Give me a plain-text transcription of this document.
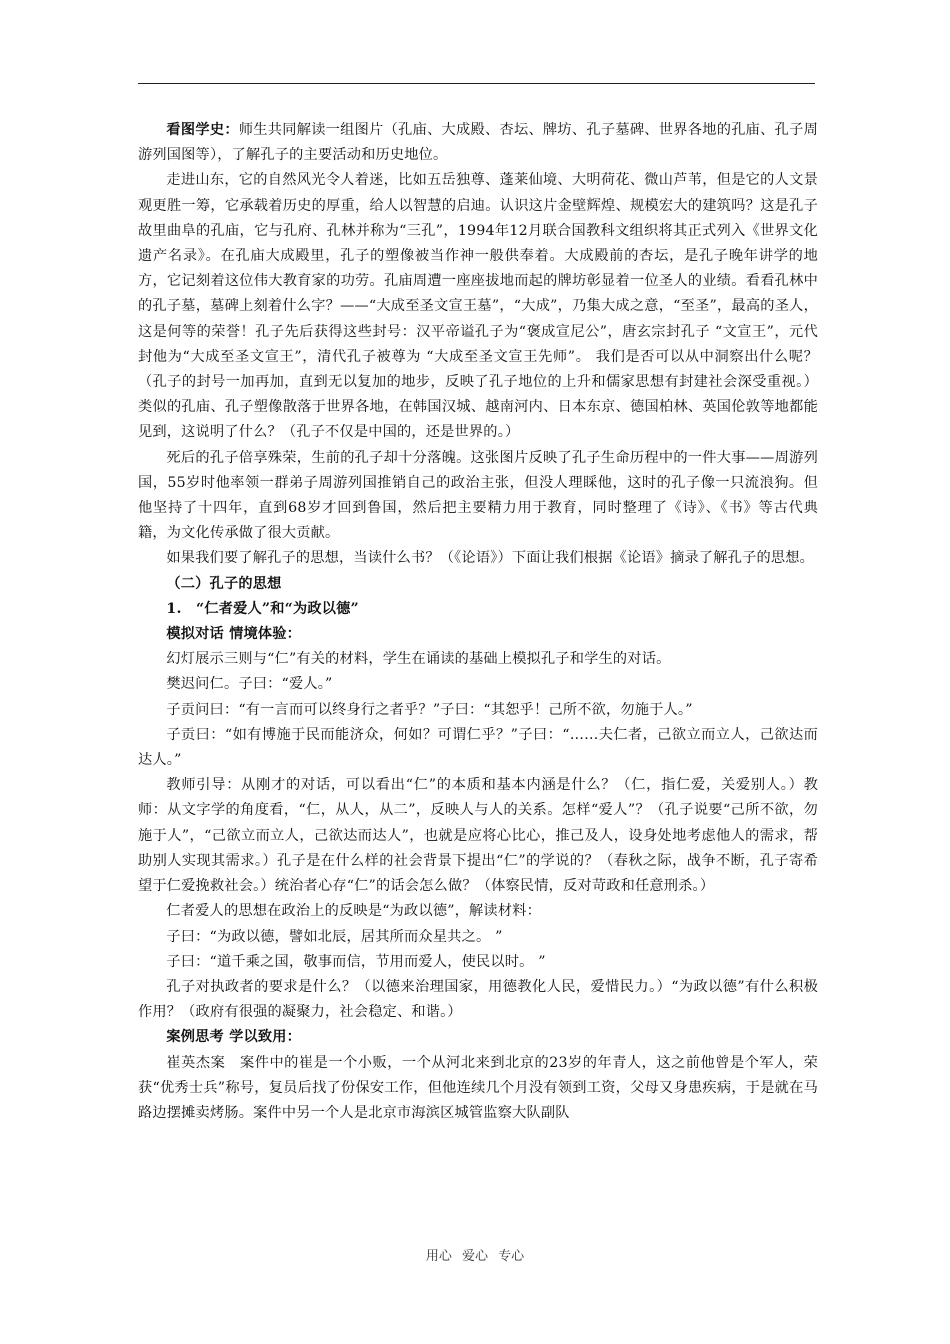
看图学史：师生共同解读一组图片（孔庙、大成殿、杏坛、牌坊、孔子墓碑、世界各地的孔庙、孔子周游列国图等），了解孔子的主要活动和历史地位。

走进山东，它的自然风光令人着迷，比如五岳独尊、蓬莱仙境、大明荷花、微山芦苇，但是它的人文景观更胜一筹，它承载着历史的厚重，给人以智慧的启迪。认识这片金壁辉煌、规模宏大的建筑吗？这是孔子故里曲阜的孔庙，它与孔府、孔林并称为“三孔”，1994年12月联合国教科文组织将其正式列入《世界文化遗产名录》。在孔庙大成殿里，孔子的塑像被当作神一般供奉着。大成殿前的杏坛，是孔子晚年讲学的地方，它记刻着这位伟大教育家的功劳。孔庙周遭一座座拔地而起的牌坊彰显着一位圣人的业绩。看看孔林中的孔子墓，墓碑上刻着什么字？——“大成至圣文宣王墓”，“大成”，乃集大成之意，“至圣”，最高的圣人，这是何等的荣誉！孔子先后获得这些封号：汉平帝谥孔子为“褒成宣尼公”，唐玄宗封孔子 “文宣王”，元代封他为“大成至圣文宣王”，清代孔子被尊为 “大成至圣文宣王先师”。 我们是否可以从中洞察出什么呢？（孔子的封号一加再加，直到无以复加的地步，反映了孔子地位的上升和儒家思想有封建社会深受重视。）类似的孔庙、孔子塑像散落于世界各地，在韩国汉城、越南河内、日本东京、德国柏林、英国伦敦等地都能见到，这说明了什么？（孔子不仅是中国的，还是世界的。）

死后的孔子倍享殊荣，生前的孔子却十分落魄。这张图片反映了孔子生命历程中的一件大事——周游列国，55岁时他率领一群弟子周游列国推销自己的政治主张，但没人理睬他，这时的孔子像一只流浪狗。但他坚持了十四年，直到68岁才回到鲁国，然后把主要精力用于教育，同时整理了《诗》、《书》等古代典籍，为文化传承做了很大贡献。

如果我们要了解孔子的思想，当读什么书？（《论语》）下面让我们根据《论语》摘录了解孔子的思想。

（二）孔子的思想

1.　“仁者爱人”和“为政以德”

模拟对话 情境体验：

幻灯展示三则与“仁”有关的材料，学生在诵读的基础上模拟孔子和学生的对话。

樊迟问仁。子曰：“爱人。”

子贡问曰：“有一言而可以终身行之者乎？”子曰：“其恕乎！己所不欲，勿施于人。”

子贡曰：“如有博施于民而能济众，何如？可谓仁乎？”子曰：“……夫仁者，己欲立而立人，己欲达而达人。”

教师引导：从刚才的对话，可以看出“仁”的本质和基本内涵是什么？（仁，指仁爱，关爱别人。）教师：从文字学的角度看，“仁，从人，从二”，反映人与人的关系。怎样“爱人”？（孔子说要“己所不欲，勿施于人”，“己欲立而立人，己欲达而达人”，也就是应将心比心，推己及人，设身处地考虑他人的需求，帮助别人实现其需求。）孔子是在什么样的社会背景下提出“仁”的学说的？（春秋之际，战争不断，孔子寄希望于仁爱挽救社会。）统治者心存“仁”的话会怎么做？（体察民情，反对苛政和任意刑杀。）

仁者爱人的思想在政治上的反映是“为政以德”，解读材料：

子曰：“为政以德，譬如北辰，居其所而众星共之。 ”

子曰：“道千乘之国，敬事而信，节用而爱人，使民以时。 ”

孔子对执政者的要求是什么？（以德来治理国家，用德教化人民，爱惜民力。）“为政以德”有什么积极作用？（政府有很强的凝聚力，社会稳定、和谐。）

案例思考 学以致用：

崔英杰案　案件中的崔是一个小贩，一个从河北来到北京的23岁的年青人，这之前他曾是个军人，荣获“优秀士兵”称号，复员后找了份保安工作，但他连续几个月没有领到工资，父母又身患疾病，于是就在马路边摆摊卖烤肠。案件中另一个人是北京市海滨区城管监察大队副队

用心 爱心 专心
